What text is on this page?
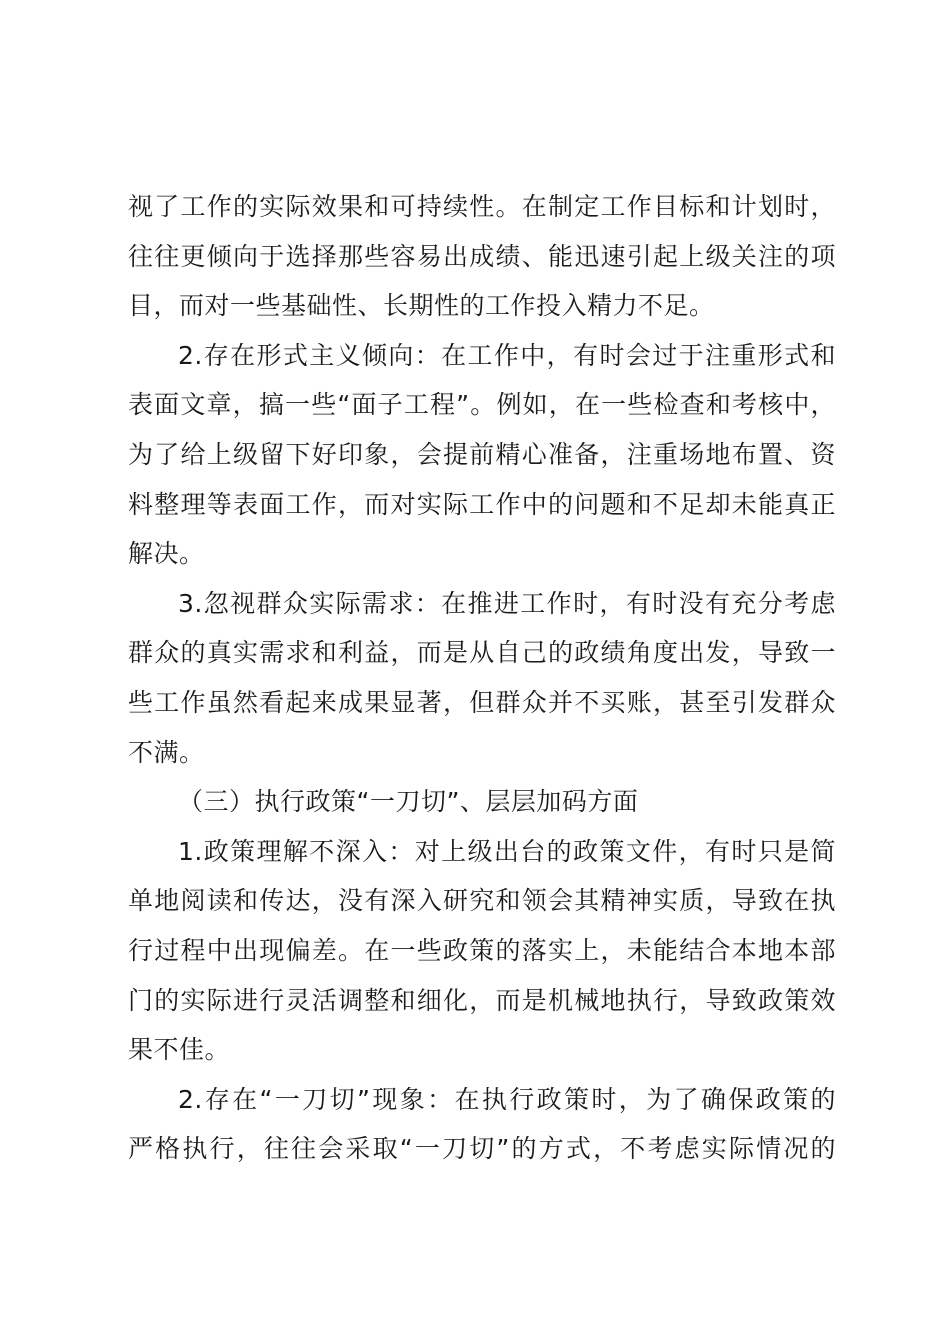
视了工作的实际效果和可持续性。在制定工作目标和计划时，
往往更倾向于选择那些容易出成绩、能迅速引起上级关注的项
目，而对一些基础性、长期性的工作投入精力不足。
2.存在形式主义倾向：在工作中，有时会过于注重形式和
表面文章，搞一些“面子工程”。例如，在一些检查和考核中，
为了给上级留下好印象，会提前精心准备，注重场地布置、资
料整理等表面工作，而对实际工作中的问题和不足却未能真正
解决。
3.忽视群众实际需求：在推进工作时，有时没有充分考虑
群众的真实需求和利益，而是从自己的政绩角度出发，导致一
些工作虽然看起来成果显著，但群众并不买账，甚至引发群众
不满。
（三）执行政策“一刀切”、层层加码方面
1.政策理解不深入：对上级出台的政策文件，有时只是简
单地阅读和传达，没有深入研究和领会其精神实质，导致在执
行过程中出现偏差。在一些政策的落实上，未能结合本地本部
门的实际进行灵活调整和细化，而是机械地执行，导致政策效
果不佳。
2.存在“一刀切”现象：在执行政策时，为了确保政策的
严格执行，往往会采取“一刀切”的方式，不考虑实际情况的
